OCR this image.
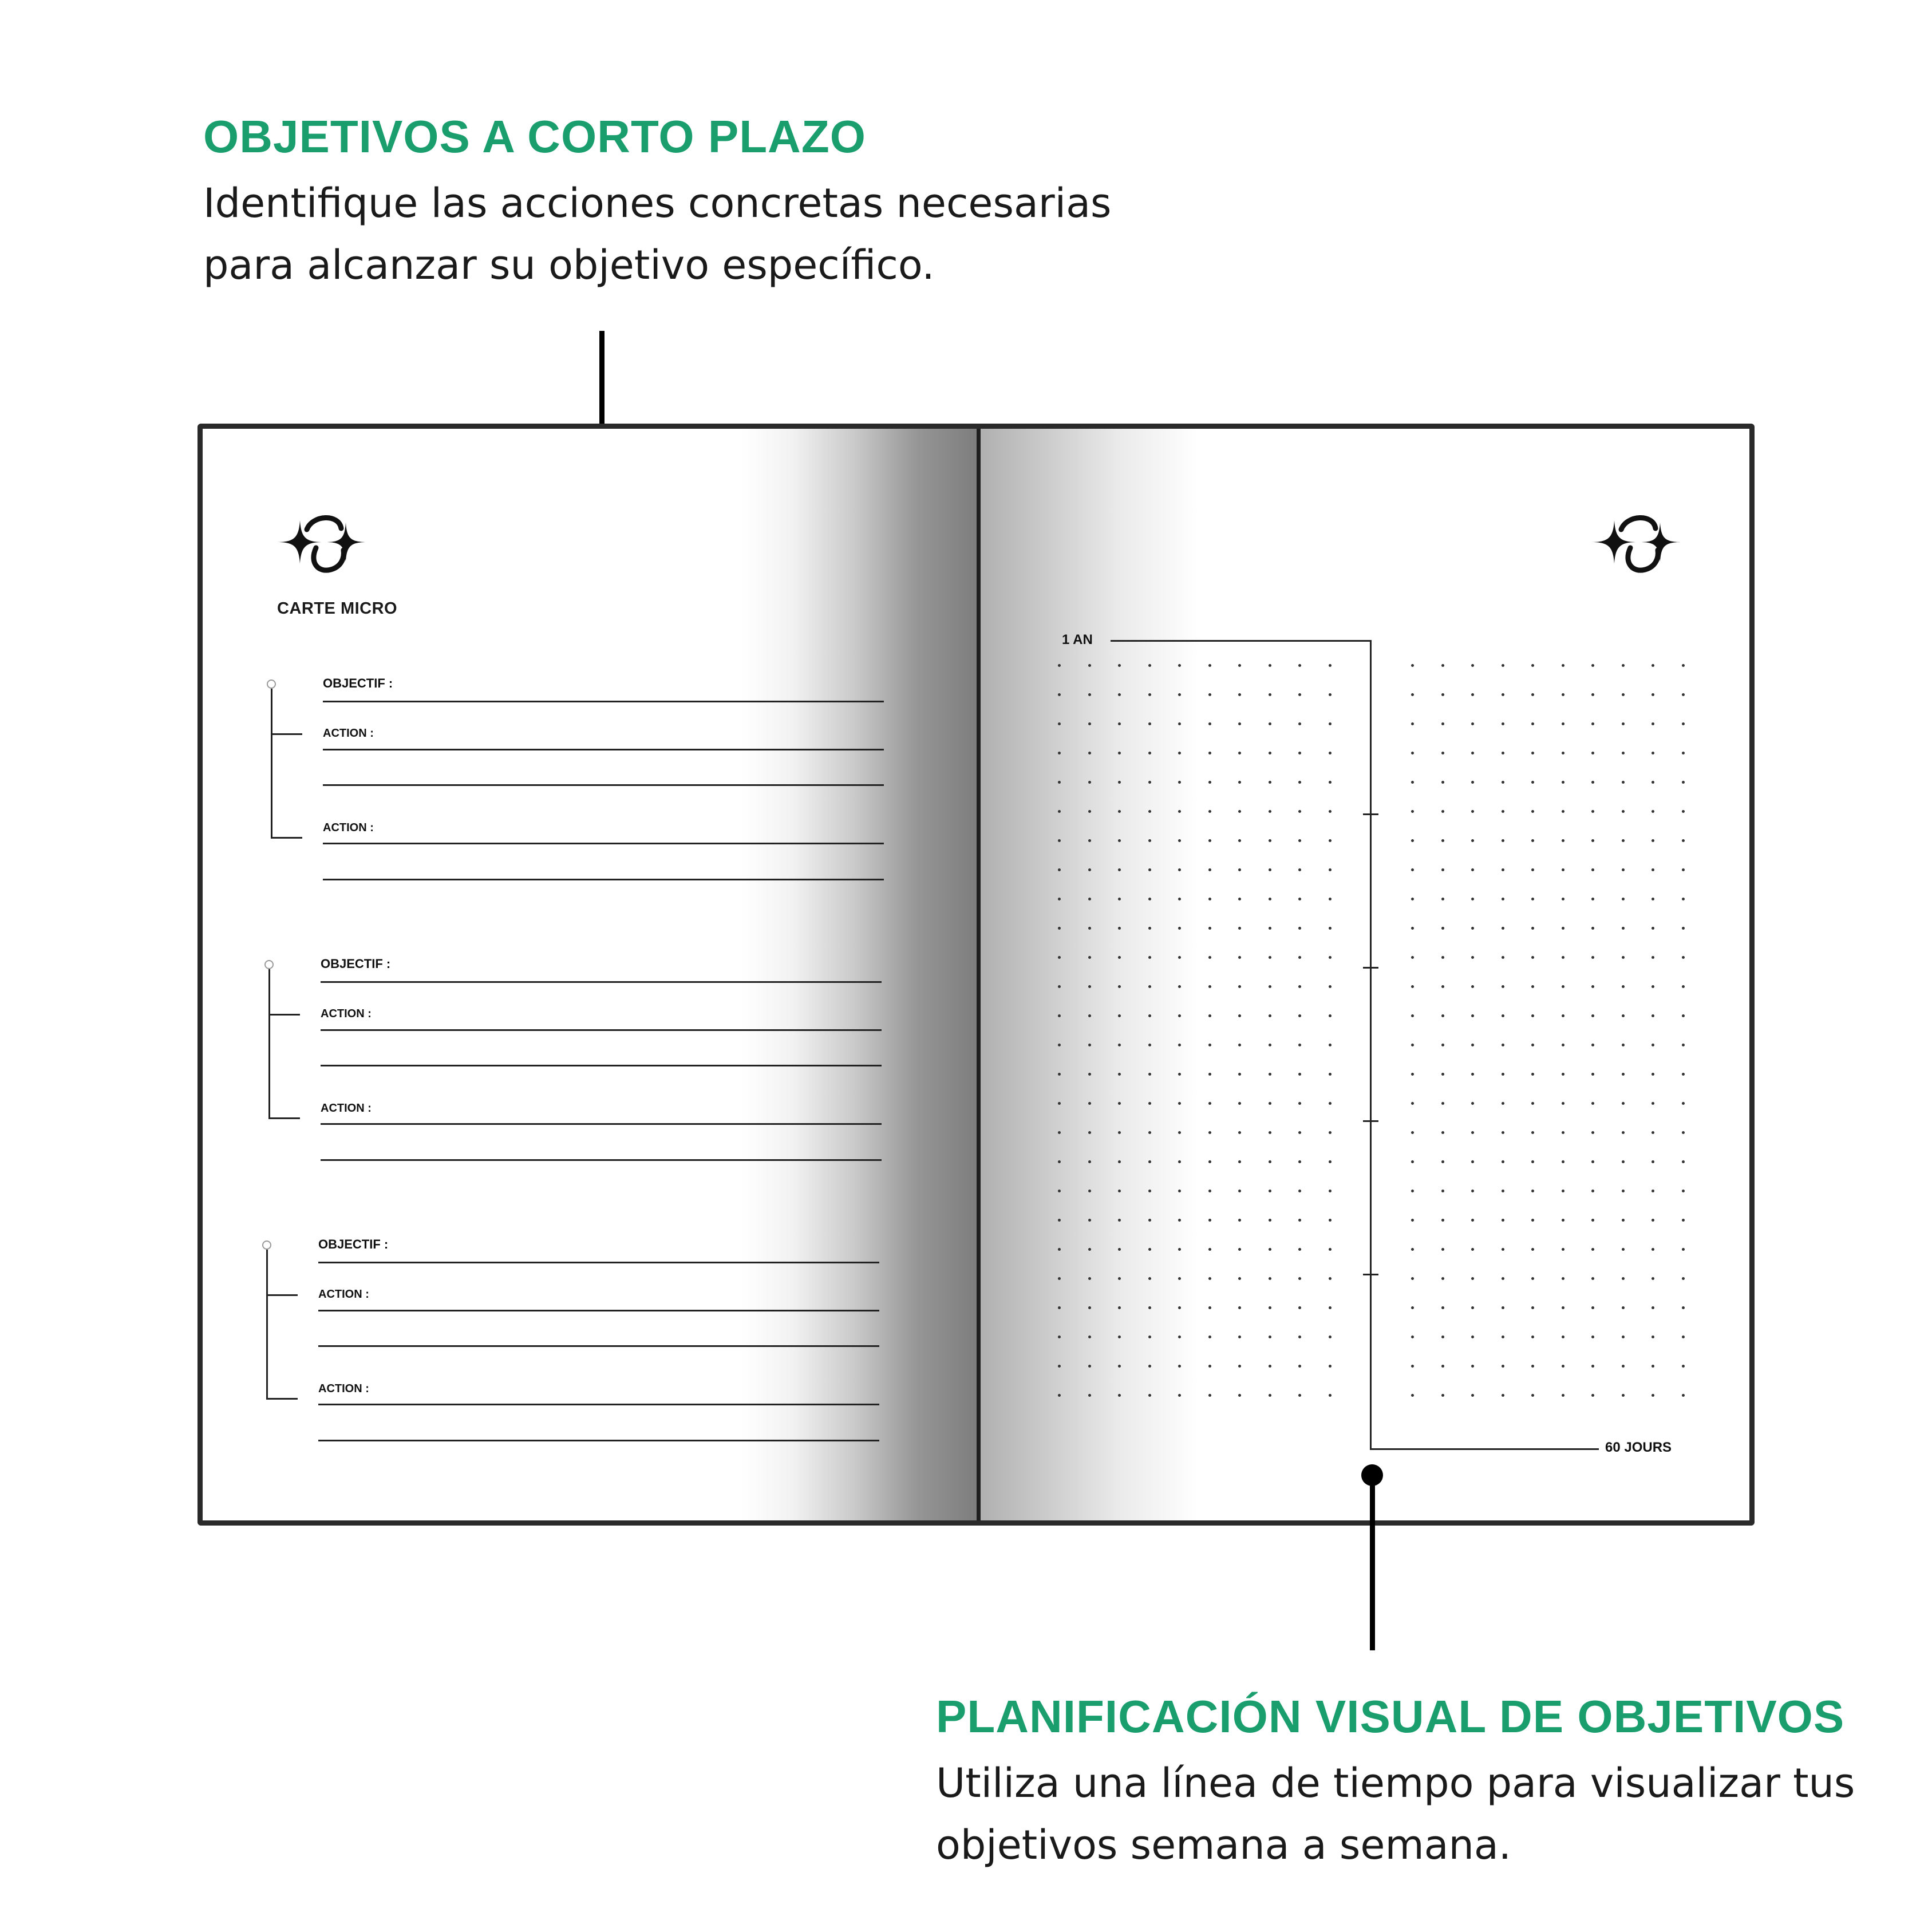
OBJETIVOS A CORTO PLAZO
Identifique las acciones concretas necesarias
para alcanzar su objetivo específico.
CARTE MICRO
OBJECTIF :
ACTION :
ACTION :
OBJECTIF :
ACTION :
ACTION :
OBJECTIF :
ACTION :
ACTION :
1 AN
60 JOURS
PLANIFICACIÓN VISUAL DE OBJETIVOS
Utiliza una línea de tiempo para visualizar tus
objetivos semana a semana.
